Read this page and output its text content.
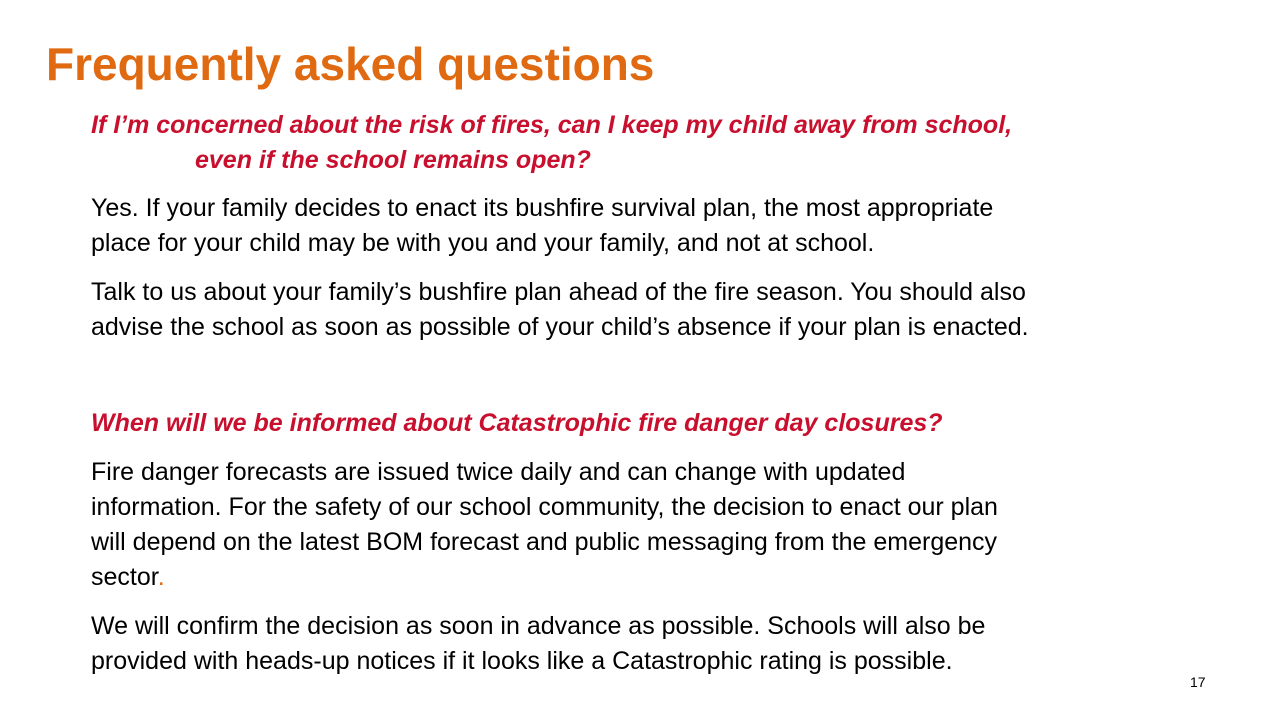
Frequently asked questions

If I’m concerned about the risk of fires, can I keep my child away from school,
even if the school remains open?

Yes. If your family decides to enact its bushfire survival plan, the most appropriate
place for your child may be with you and your family, and not at school.

Talk to us about your family’s bushfire plan ahead of the fire season. You should also
advise the school as soon as possible of your child’s absence if your plan is enacted.

When will we be informed about Catastrophic fire danger day closures?

Fire danger forecasts are issued twice daily and can change with updated
information. For the safety of our school community, the decision to enact our plan
will depend on the latest BOM forecast and public messaging from the emergency
sector.

We will confirm the decision as soon in advance as possible. Schools will also be
provided with heads-up notices if it looks like a Catastrophic rating is possible.

17
